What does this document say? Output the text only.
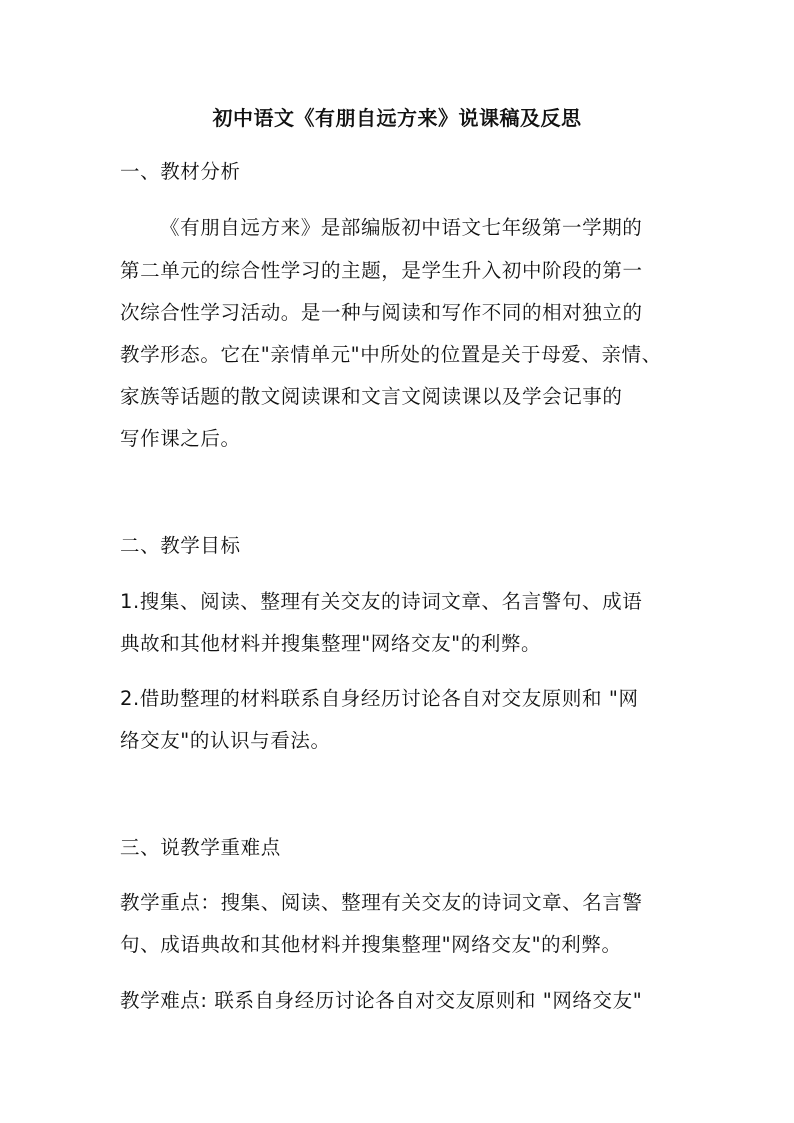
初中语文《有朋自远方来》说课稿及反思
一、教材分析
《有朋自远方来》是部编版初中语文七年级第一学期的
第二单元的综合性学习的主题，是学生升入初中阶段的第一
次综合性学习活动。是一种与阅读和写作不同的相对独立的
教学形态。它在"亲情单元"中所处的位置是关于母爱、亲情、
家族等话题的散文阅读课和文言文阅读课以及学会记事的
写作课之后。
二、教学目标
1.搜集、阅读、整理有关交友的诗词文章、名言警句、成语
典故和其他材料并搜集整理"网络交友"的利弊。
2.借助整理的材料联系自身经历讨论各自对交友原则和 "网
络交友"的认识与看法。
三、说教学重难点
教学重点：搜集、阅读、整理有关交友的诗词文章、名言警
句、成语典故和其他材料并搜集整理"网络交友"的利弊。
教学难点: 联系自身经历讨论各自对交友原则和 "网络交友"
